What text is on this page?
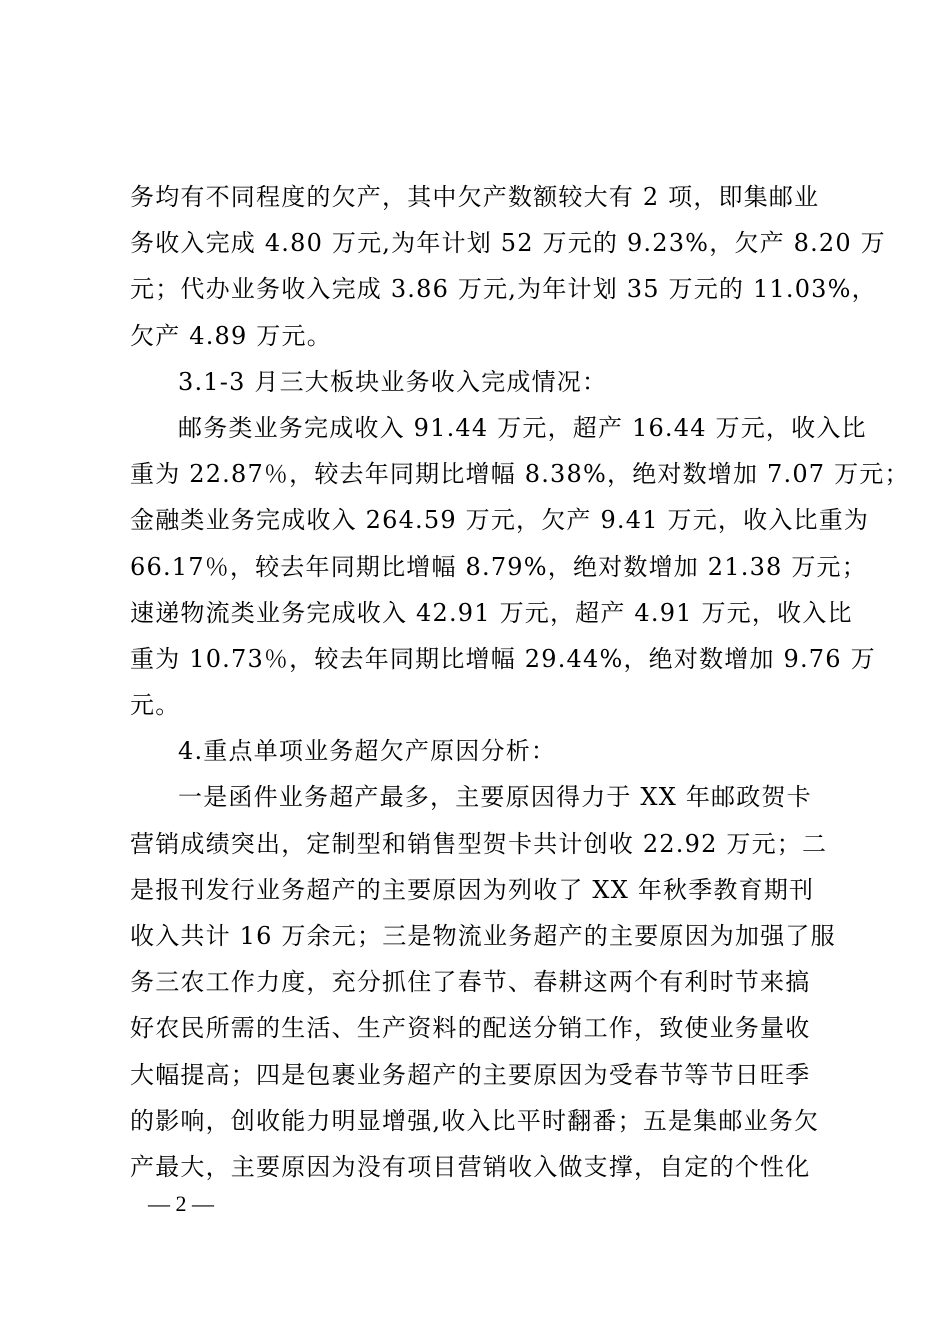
务均有不同程度的欠产，其中欠产数额较大有 2 项，即集邮业
务收入完成 4.80 万元,为年计划 52 万元的 9.23%，欠产 8.20 万
元；代办业务收入完成 3.86 万元,为年计划 35 万元的 11.03%，
欠产 4.89 万元。
3.1-3 月三大板块业务收入完成情况：
邮务类业务完成收入 91.44 万元，超产 16.44 万元，收入比
重为 22.87％，较去年同期比增幅 8.38%，绝对数增加 7.07 万元；
金融类业务完成收入 264.59 万元，欠产 9.41 万元，收入比重为
66.17％，较去年同期比增幅 8.79%，绝对数增加 21.38 万元；
速递物流类业务完成收入 42.91 万元，超产 4.91 万元，收入比
重为 10.73％，较去年同期比增幅 29.44%，绝对数增加 9.76 万
元。
4.重点单项业务超欠产原因分析：
一是函件业务超产最多，主要原因得力于 XX 年邮政贺卡
营销成绩突出，定制型和销售型贺卡共计创收 22.92 万元；二
是报刊发行业务超产的主要原因为列收了 XX 年秋季教育期刊
收入共计 16 万余元；三是物流业务超产的主要原因为加强了服
务三农工作力度，充分抓住了春节、春耕这两个有利时节来搞
好农民所需的生活、生产资料的配送分销工作，致使业务量收
大幅提高；四是包裹业务超产的主要原因为受春节等节日旺季
的影响，创收能力明显增强,收入比平时翻番；五是集邮业务欠
产最大，主要原因为没有项目营销收入做支撑，自定的个性化
— 2 —
